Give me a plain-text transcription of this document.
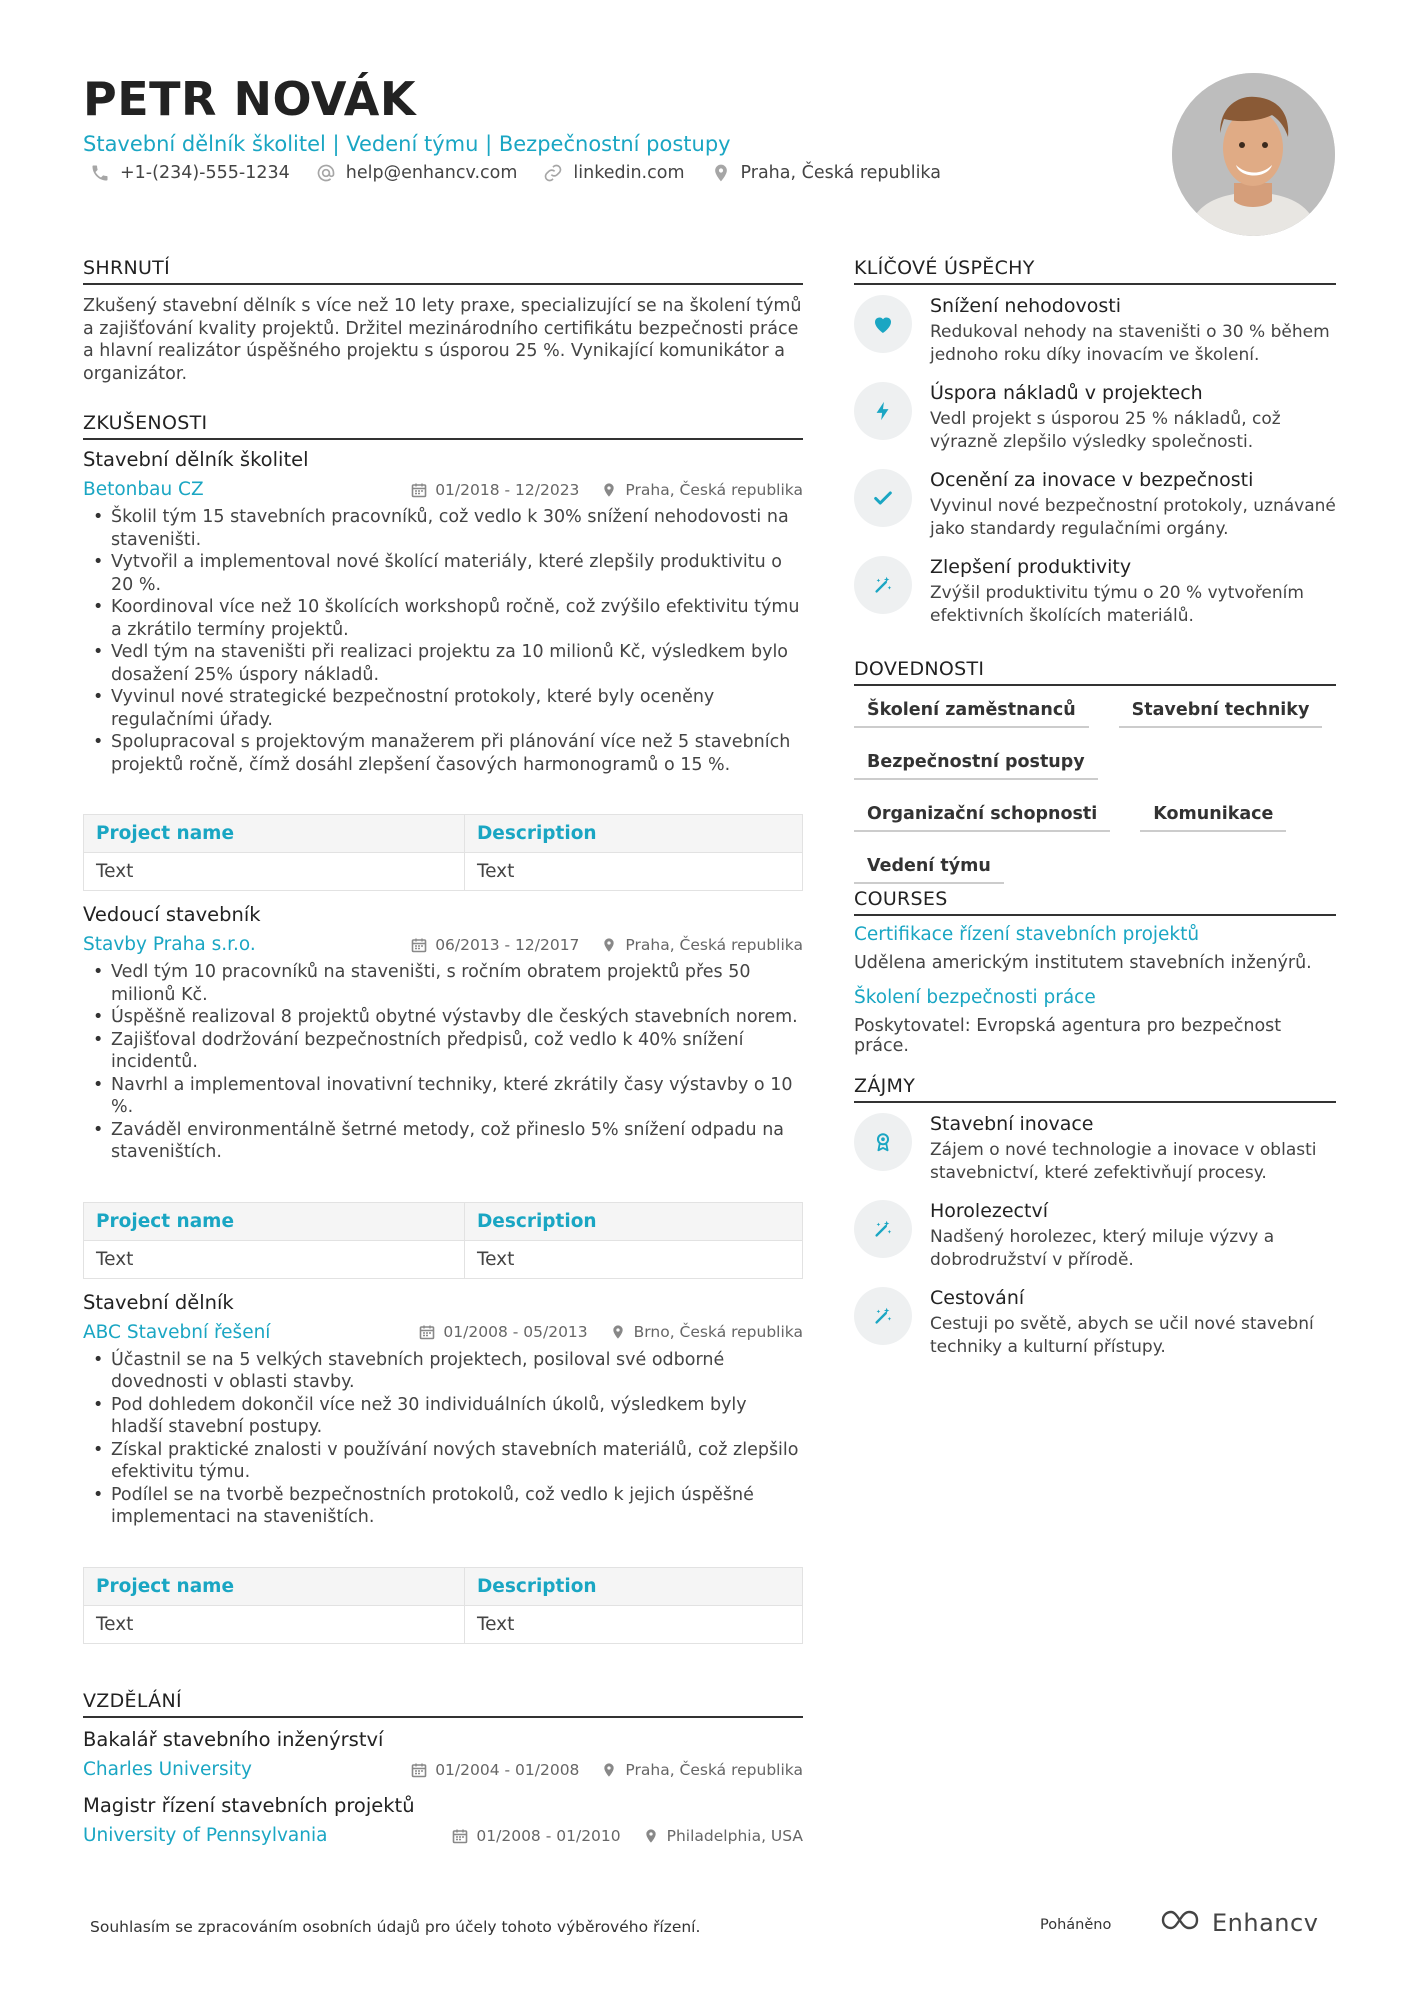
PETR NOVÁK
Stavební dělník školitel | Vedení týmu | Bezpečnostní postupy
+1-(234)-555-1234	help@enhancv.com	linkedin.com	Praha, Česká republika
SHRNUTÍ
Zkušený stavební dělník s více než 10 lety praxe, specializující se na školení týmů a zajišťování kvality projektů. Držitel mezinárodního certifikátu bezpečnosti práce a hlavní realizátor úspěšného projektu s úsporou 25 %. Vynikající komunikátor a organizátor.
ZKUŠENOSTI
Stavební dělník školitel
Betonbau CZ	01/2018 - 12/2023	Praha, Česká republika
• Školil tým 15 stavebních pracovníků, což vedlo k 30% snížení nehodovosti na staveništi.
• Vytvořil a implementoval nové školící materiály, které zlepšily produktivitu o 20 %.
• Koordinoval více než 10 školících workshopů ročně, což zvýšilo efektivitu týmu a zkrátilo termíny projektů.
• Vedl tým na staveništi při realizaci projektu za 10 milionů Kč, výsledkem bylo dosažení 25% úspory nákladů.
• Vyvinul nové strategické bezpečnostní protokoly, které byly oceněny regulačními úřady.
• Spolupracoval s projektovým manažerem při plánování více než 5 stavebních projektů ročně, čímž dosáhl zlepšení časových harmonogramů o 15 %.
Project name	Description
Text	Text
Vedoucí stavebník
Stavby Praha s.r.o.	06/2013 - 12/2017	Praha, Česká republika
• Vedl tým 10 pracovníků na staveništi, s ročním obratem projektů přes 50 milionů Kč.
• Úspěšně realizoval 8 projektů obytné výstavby dle českých stavebních norem.
• Zajišťoval dodržování bezpečnostních předpisů, což vedlo k 40% snížení incidentů.
• Navrhl a implementoval inovativní techniky, které zkrátily časy výstavby o 10 %.
• Zaváděl environmentálně šetrné metody, což přineslo 5% snížení odpadu na staveništích.
Project name	Description
Text	Text
Stavební dělník
ABC Stavební řešení	01/2008 - 05/2013	Brno, Česká republika
• Účastnil se na 5 velkých stavebních projektech, posiloval své odborné dovednosti v oblasti stavby.
• Pod dohledem dokončil více než 30 individuálních úkolů, výsledkem byly hladší stavební postupy.
• Získal praktické znalosti v používání nových stavebních materiálů, což zlepšilo efektivitu týmu.
• Podílel se na tvorbě bezpečnostních protokolů, což vedlo k jejich úspěšné implementaci na staveništích.
Project name	Description
Text	Text
VZDĚLÁNÍ
Bakalář stavebního inženýrství
Charles University	01/2004 - 01/2008	Praha, Česká republika
Magistr řízení stavebních projektů
University of Pennsylvania	01/2008 - 01/2010	Philadelphia, USA
KLÍČOVÉ ÚSPĚCHY
Snížení nehodovosti
Redukoval nehody na staveništi o 30 % během jednoho roku díky inovacím ve školení.
Úspora nákladů v projektech
Vedl projekt s úsporou 25 % nákladů, což výrazně zlepšilo výsledky společnosti.
Ocenění za inovace v bezpečnosti
Vyvinul nové bezpečnostní protokoly, uznávané jako standardy regulačními orgány.
Zlepšení produktivity
Zvýšil produktivitu týmu o 20 % vytvořením efektivních školících materiálů.
DOVEDNOSTI
Školení zaměstnanců	Stavební techniky
Bezpečnostní postupy
Organizační schopnosti	Komunikace
Vedení týmu
COURSES
Certifikace řízení stavebních projektů
Udělena americkým institutem stavebních inženýrů.
Školení bezpečnosti práce
Poskytovatel: Evropská agentura pro bezpečnost práce.
ZÁJMY
Stavební inovace
Zájem o nové technologie a inovace v oblasti stavebnictví, které zefektivňují procesy.
Horolezectví
Nadšený horolezec, který miluje výzvy a dobrodružství v přírodě.
Cestování
Cestuji po světě, abych se učil nové stavební techniky a kulturní přístupy.
Souhlasím se zpracováním osobních údajů pro účely tohoto výběrového řízení.	Poháněno	Enhancv
